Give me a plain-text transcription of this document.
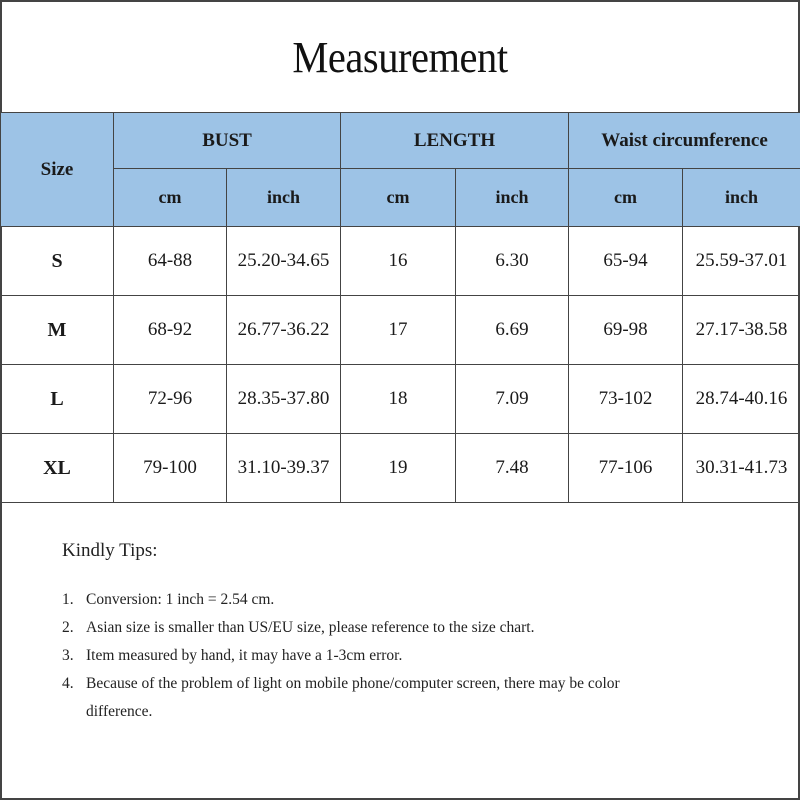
Measurement
Size	BUST		LENGTH		Waist circumference	
	cm	inch	cm	inch	cm	inch
S	64-88	25.20-34.65	16	6.30	65-94	25.59-37.01
M	68-92	26.77-36.22	17	6.69	69-98	27.17-38.58
L	72-96	28.35-37.80	18	7.09	73-102	28.74-40.16
XL	79-100	31.10-39.37	19	7.48	77-106	30.31-41.73
Kindly Tips:
1. Conversion: 1 inch = 2.54 cm.
2. Asian size is smaller than US/EU size, please reference to the size chart.
3. Item measured by hand, it may have a 1-3cm error.
4. Because of the problem of light on mobile phone/computer screen, there may be color difference.
